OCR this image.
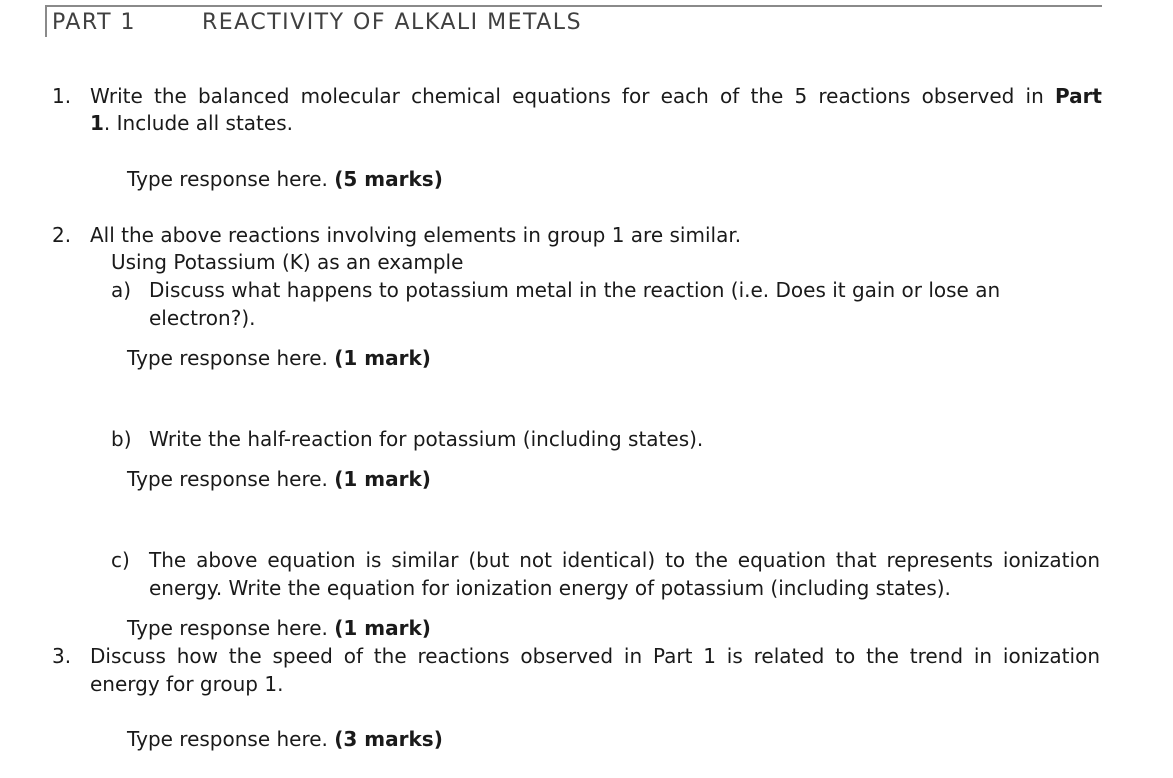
PART 1	REACTIVITY OF ALKALI METALS
1. Write the balanced molecular chemical equations for each of the 5 reactions observed in Part
1. Include all states.
Type response here. (5 marks)
2. All the above reactions involving elements in group 1 are similar.
Using Potassium (K) as an example
a) Discuss what happens to potassium metal in the reaction (i.e. Does it gain or lose an
electron?).
Type response here. (1 mark)
b) Write the half-reaction for potassium (including states).
Type response here. (1 mark)
c) The above equation is similar (but not identical) to the equation that represents ionization
energy. Write the equation for ionization energy of potassium (including states).
Type response here. (1 mark)
3. Discuss how the speed of the reactions observed in Part 1 is related to the trend in ionization
energy for group 1.
Type response here. (3 marks)
